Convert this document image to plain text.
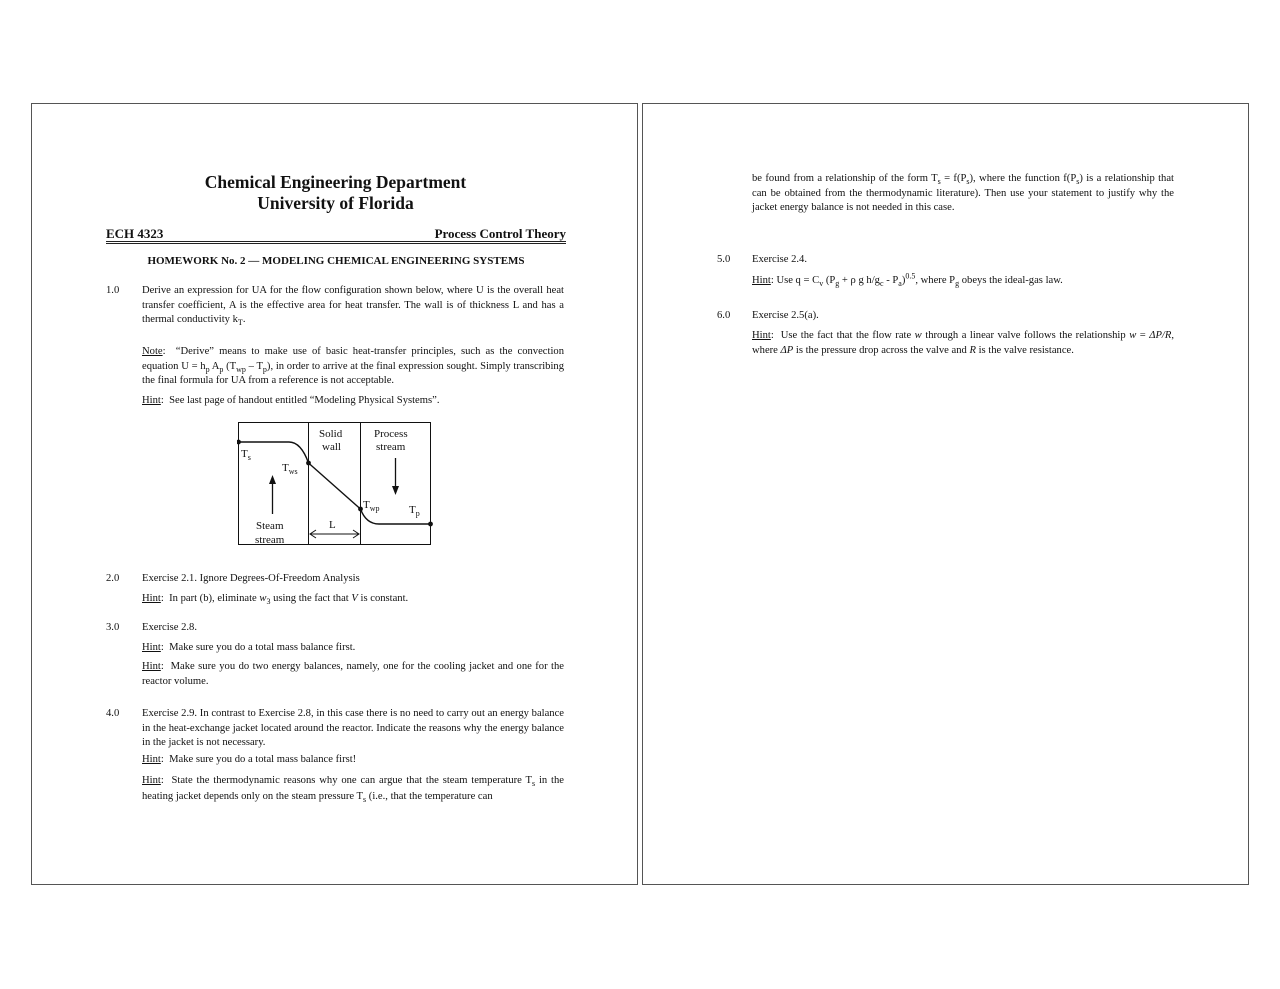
Chemical Engineering Department
University of Florida
ECH 4323	Process Control Theory
HOMEWORK No. 2 — MODELING CHEMICAL ENGINEERING SYSTEMS
1.0 Derive an expression for UA for the flow configuration shown below, where U is the overall heat transfer coefficient, A is the effective area for heat transfer. The wall is of thickness L and has a thermal conductivity $k_T$.
Note:  “Derive” means to make use of basic heat-transfer principles, such as the convection equation $U = h_p$ $A_p$ $(T_{wp} - T_p)$, in order to arrive at the final expression sought. Simply transcribing the final formula for UA from a reference is not acceptable.
Hint:  See last page of handout entitled “Modeling Physical Systems”.
Solid
wall
Process
stream
$T_s$
$T_{ws}$
$T_{wp}$	$T_p$
Steam
stream
L
2.0 Exercise 2.1. Ignore Degrees-Of-Freedom Analysis
Hint:  In part (b), eliminate $w_3$ using the fact that V is constant.
3.0 Exercise 2.8.
Hint:  Make sure you do a total mass balance first.
Hint:  Make sure you do two energy balances, namely, one for the cooling jacket and one for the reactor volume.
4.0 Exercise 2.9. In contrast to Exercise 2.8, in this case there is no need to carry out an energy balance in the heat-exchange jacket located around the reactor. Indicate the reasons why the energy balance in the jacket is not necessary.
Hint:  Make sure you do a total mass balance first!
Hint:  State the thermodynamic reasons why one can argue that the steam temperature $T_s$ in the heating jacket depends only on the steam pressure $T_s$ (i.e., that the temperature can
be found from a relationship of the form $T_s = f(P_s)$, where the function $f(P_s)$ is a relationship that can be obtained from the thermodynamic literature). Then use your statement to justify why the jacket energy balance is not needed in this case.
5.0 Exercise 2.4.
Hint: Use $q = C_v$ ($P_g + \rho$ g $h/g_c - P_a)^{0.5}$, where $P_g$ obeys the ideal-gas law.
6.0 Exercise 2.5(a).
Hint:  Use the fact that the flow rate w through a linear valve follows the relationship w = ΔP/R, where ΔP is the pressure drop across the valve and R is the valve resistance.
